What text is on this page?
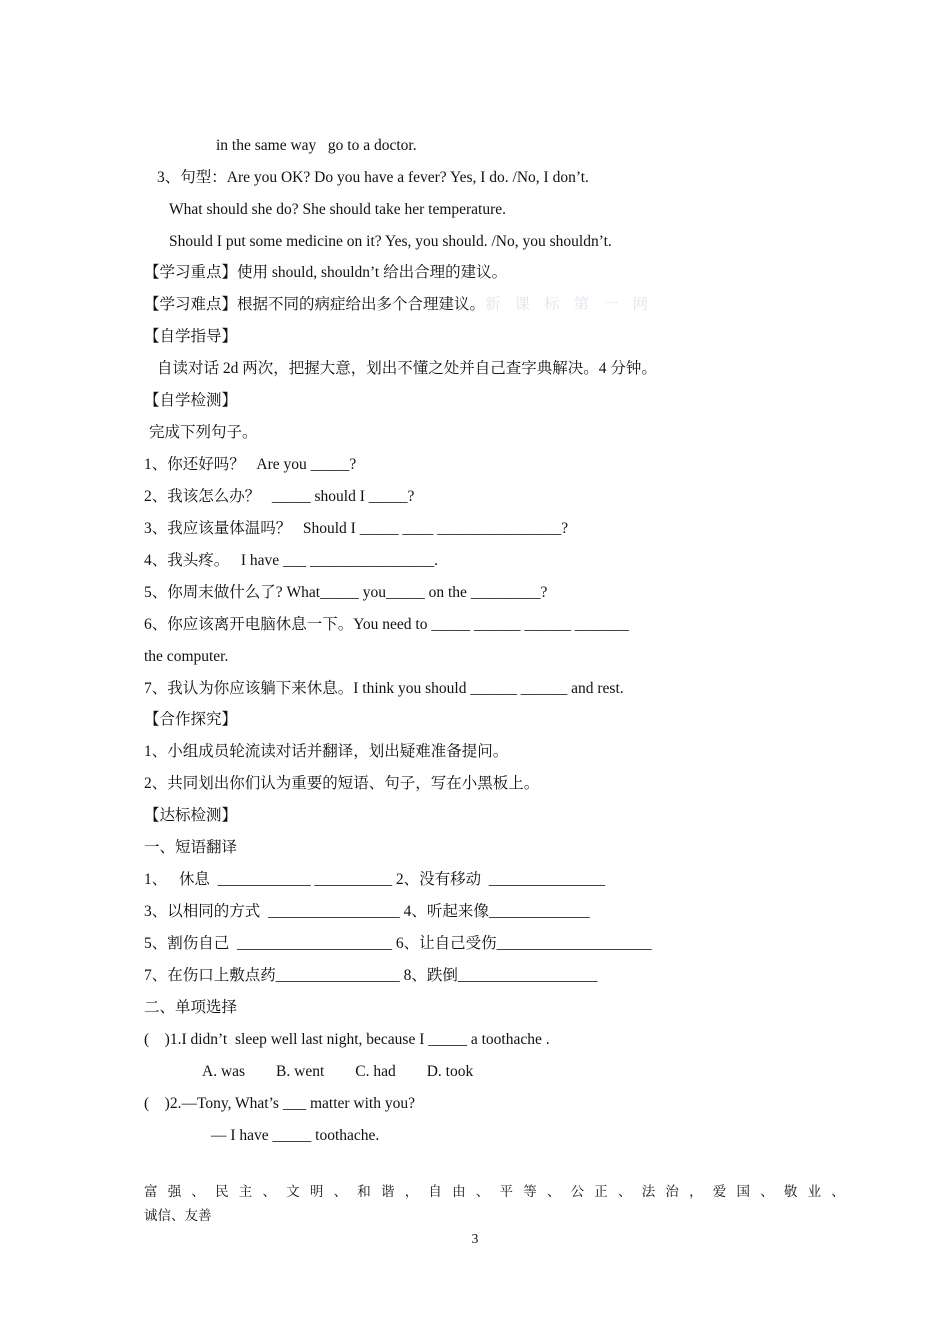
in the same way   go to a doctor.
3、句型：Are you OK? Do you have a fever? Yes, I do. /No, I don’t.
What should she do? She should take her temperature.
Should I put some medicine on it? Yes, you should. /No, you shouldn’t.
【学习重点】使用 should, shouldn’t 给出合理的建议。
【学习难点】根据不同的病症给出多个合理建议。新课标第一网
【自学指导】
自读对话 2d 两次，把握大意，划出不懂之处并自己查字典解决。4 分钟。
【自学检测】
完成下列句子。
1、你还好吗？   Are you _____?
2、我该怎么办？   _____ should I _____?
3、我应该量体温吗？   Should I _____ ____ ________________?
4、我头疼。   I have ___ ________________.
5、你周末做什么了? What_____ you_____ on the _________?
6、你应该离开电脑休息一下。You need to _____ ______ ______ _______
the computer.
7、我认为你应该躺下来休息。I think you should ______ ______ and rest.
【合作探究】
1、小组成员轮流读对话并翻译，划出疑难准备提问。
2、共同划出你们认为重要的短语、句子，写在小黑板上。
【达标检测】
一、短语翻译
1、   休息  ____________ __________ 2、没有移动  _______________
3、以相同的方式  _________________ 4、听起来像_____________
5、割伤自己  ____________________ 6、让自己受伤____________________
7、在伤口上敷点药________________ 8、跌倒__________________
二、单项选择
(    )1.I didn’t  sleep well last night, because I _____ a toothache .
A. was        B. went        C. had        D. took
(    )2.—Tony, What’s ___ matter with you?
— I have _____ toothache.
富强、民主、文明、和谐，自由、平等、公正、法治，爱国、敬业、
诚信、友善
3
